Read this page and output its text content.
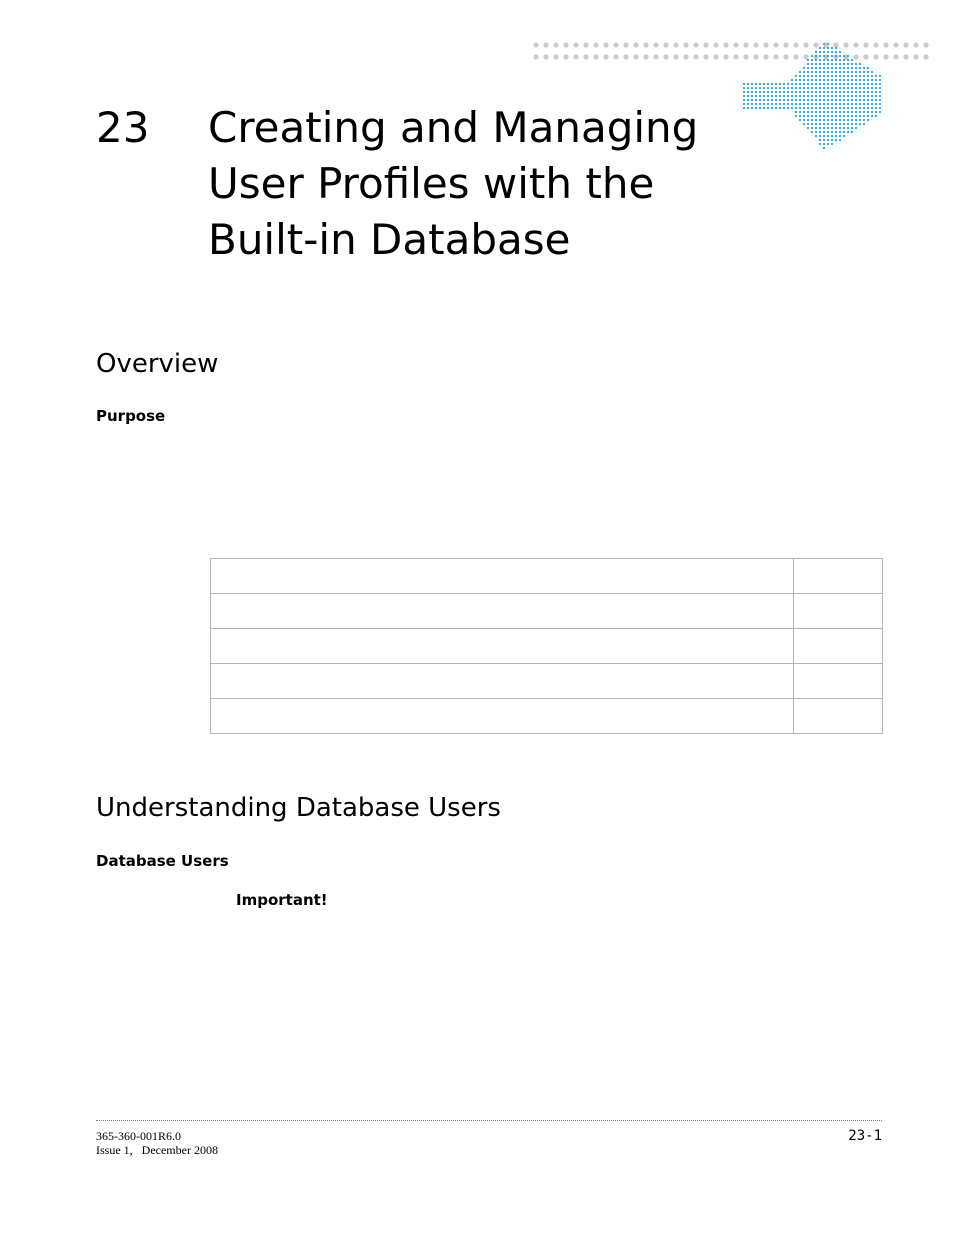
23 Creating and Managing
User Profiles with the
Built-in Database
Overview
Purpose

Understanding Database Users
Database Users
Important!
365-360-001R6.0
Issue 1,   December 2008
23-1
